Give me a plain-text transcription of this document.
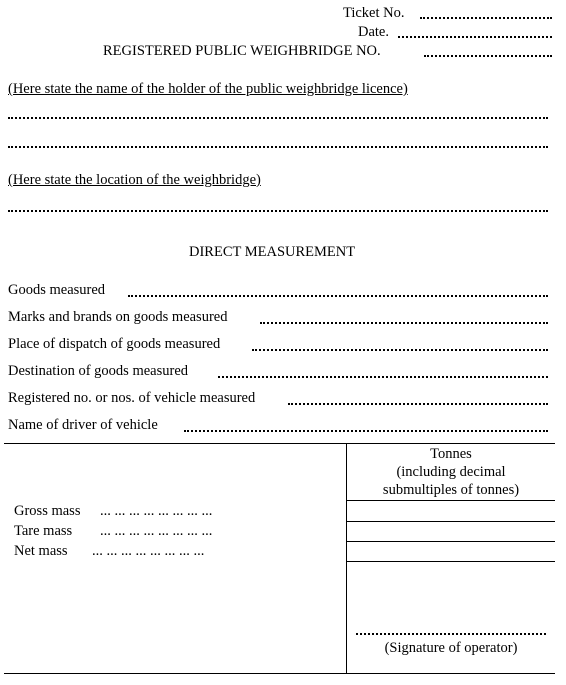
Ticket No.
Date.
REGISTERED PUBLIC WEIGHBRIDGE NO.
(Here state the name of the holder of the public weighbridge licence)
(Here state the location of the weighbridge)
DIRECT MEASUREMENT
Goods measured
Marks and brands on goods measured
Place of dispatch of goods measured
Destination of goods measured
Registered no. or nos. of vehicle measured
Name of driver of vehicle
Tonnes
(including decimal
submultiples of tonnes)
Gross mass ... ... ... ... ... ... ... ...
Tare mass ... ... ... ... ... ... ... ...
Net mass ... ... ... ... ... ... ... ...
(Signature of operator)
